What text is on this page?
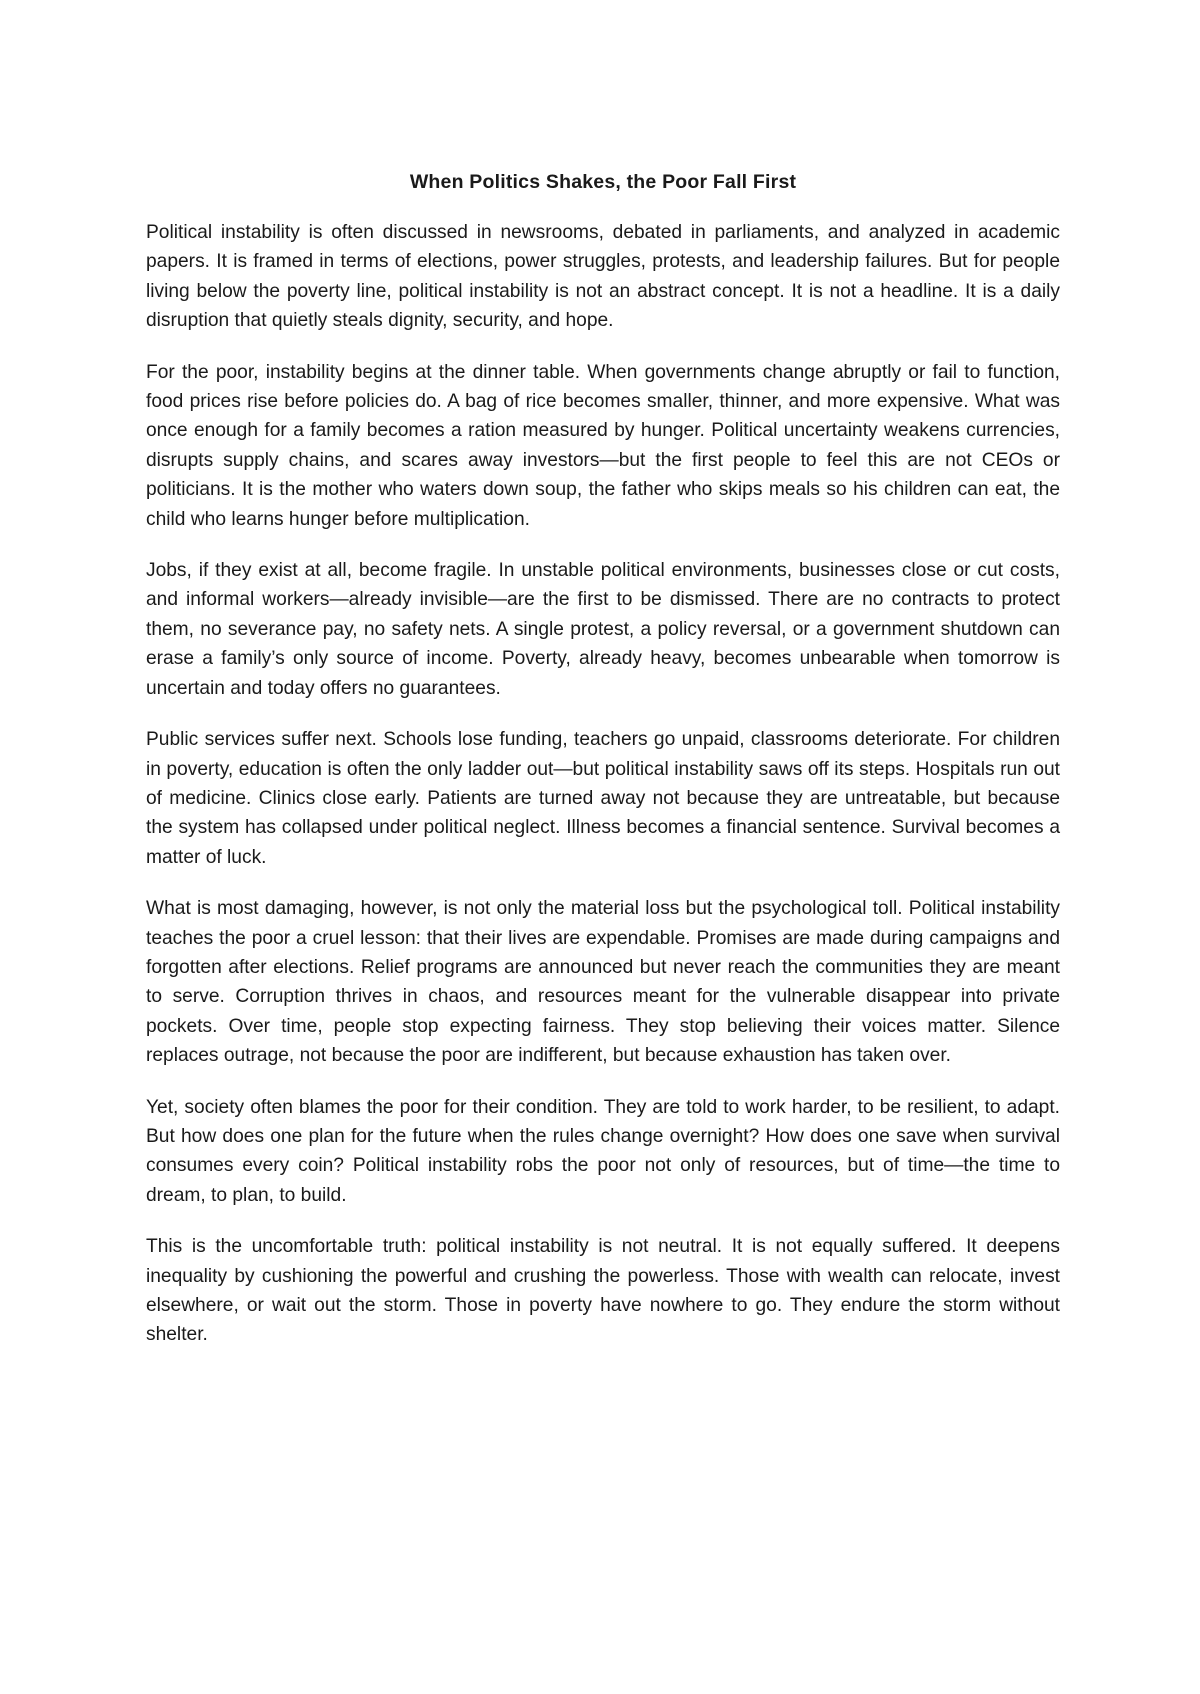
When Politics Shakes, the Poor Fall First

Political instability is often discussed in newsrooms, debated in parliaments, and analyzed in academic papers. It is framed in terms of elections, power struggles, protests, and leadership failures. But for people living below the poverty line, political instability is not an abstract concept. It is not a headline. It is a daily disruption that quietly steals dignity, security, and hope.

For the poor, instability begins at the dinner table. When governments change abruptly or fail to function, food prices rise before policies do. A bag of rice becomes smaller, thinner, and more expensive. What was once enough for a family becomes a ration measured by hunger. Political uncertainty weakens currencies, disrupts supply chains, and scares away investors—but the first people to feel this are not CEOs or politicians. It is the mother who waters down soup, the father who skips meals so his children can eat, the child who learns hunger before multiplication.

Jobs, if they exist at all, become fragile. In unstable political environments, businesses close or cut costs, and informal workers—already invisible—are the first to be dismissed. There are no contracts to protect them, no severance pay, no safety nets. A single protest, a policy reversal, or a government shutdown can erase a family’s only source of income. Poverty, already heavy, becomes unbearable when tomorrow is uncertain and today offers no guarantees.

Public services suffer next. Schools lose funding, teachers go unpaid, classrooms deteriorate. For children in poverty, education is often the only ladder out—but political instability saws off its steps. Hospitals run out of medicine. Clinics close early. Patients are turned away not because they are untreatable, but because the system has collapsed under political neglect. Illness becomes a financial sentence. Survival becomes a matter of luck.

What is most damaging, however, is not only the material loss but the psychological toll. Political instability teaches the poor a cruel lesson: that their lives are expendable. Promises are made during campaigns and forgotten after elections. Relief programs are announced but never reach the communities they are meant to serve. Corruption thrives in chaos, and resources meant for the vulnerable disappear into private pockets. Over time, people stop expecting fairness. They stop believing their voices matter. Silence replaces outrage, not because the poor are indifferent, but because exhaustion has taken over.

Yet, society often blames the poor for their condition. They are told to work harder, to be resilient, to adapt. But how does one plan for the future when the rules change overnight? How does one save when survival consumes every coin? Political instability robs the poor not only of resources, but of time—the time to dream, to plan, to build.

This is the uncomfortable truth: political instability is not neutral. It is not equally suffered. It deepens inequality by cushioning the powerful and crushing the powerless. Those with wealth can relocate, invest elsewhere, or wait out the storm. Those in poverty have nowhere to go. They endure the storm without shelter.
